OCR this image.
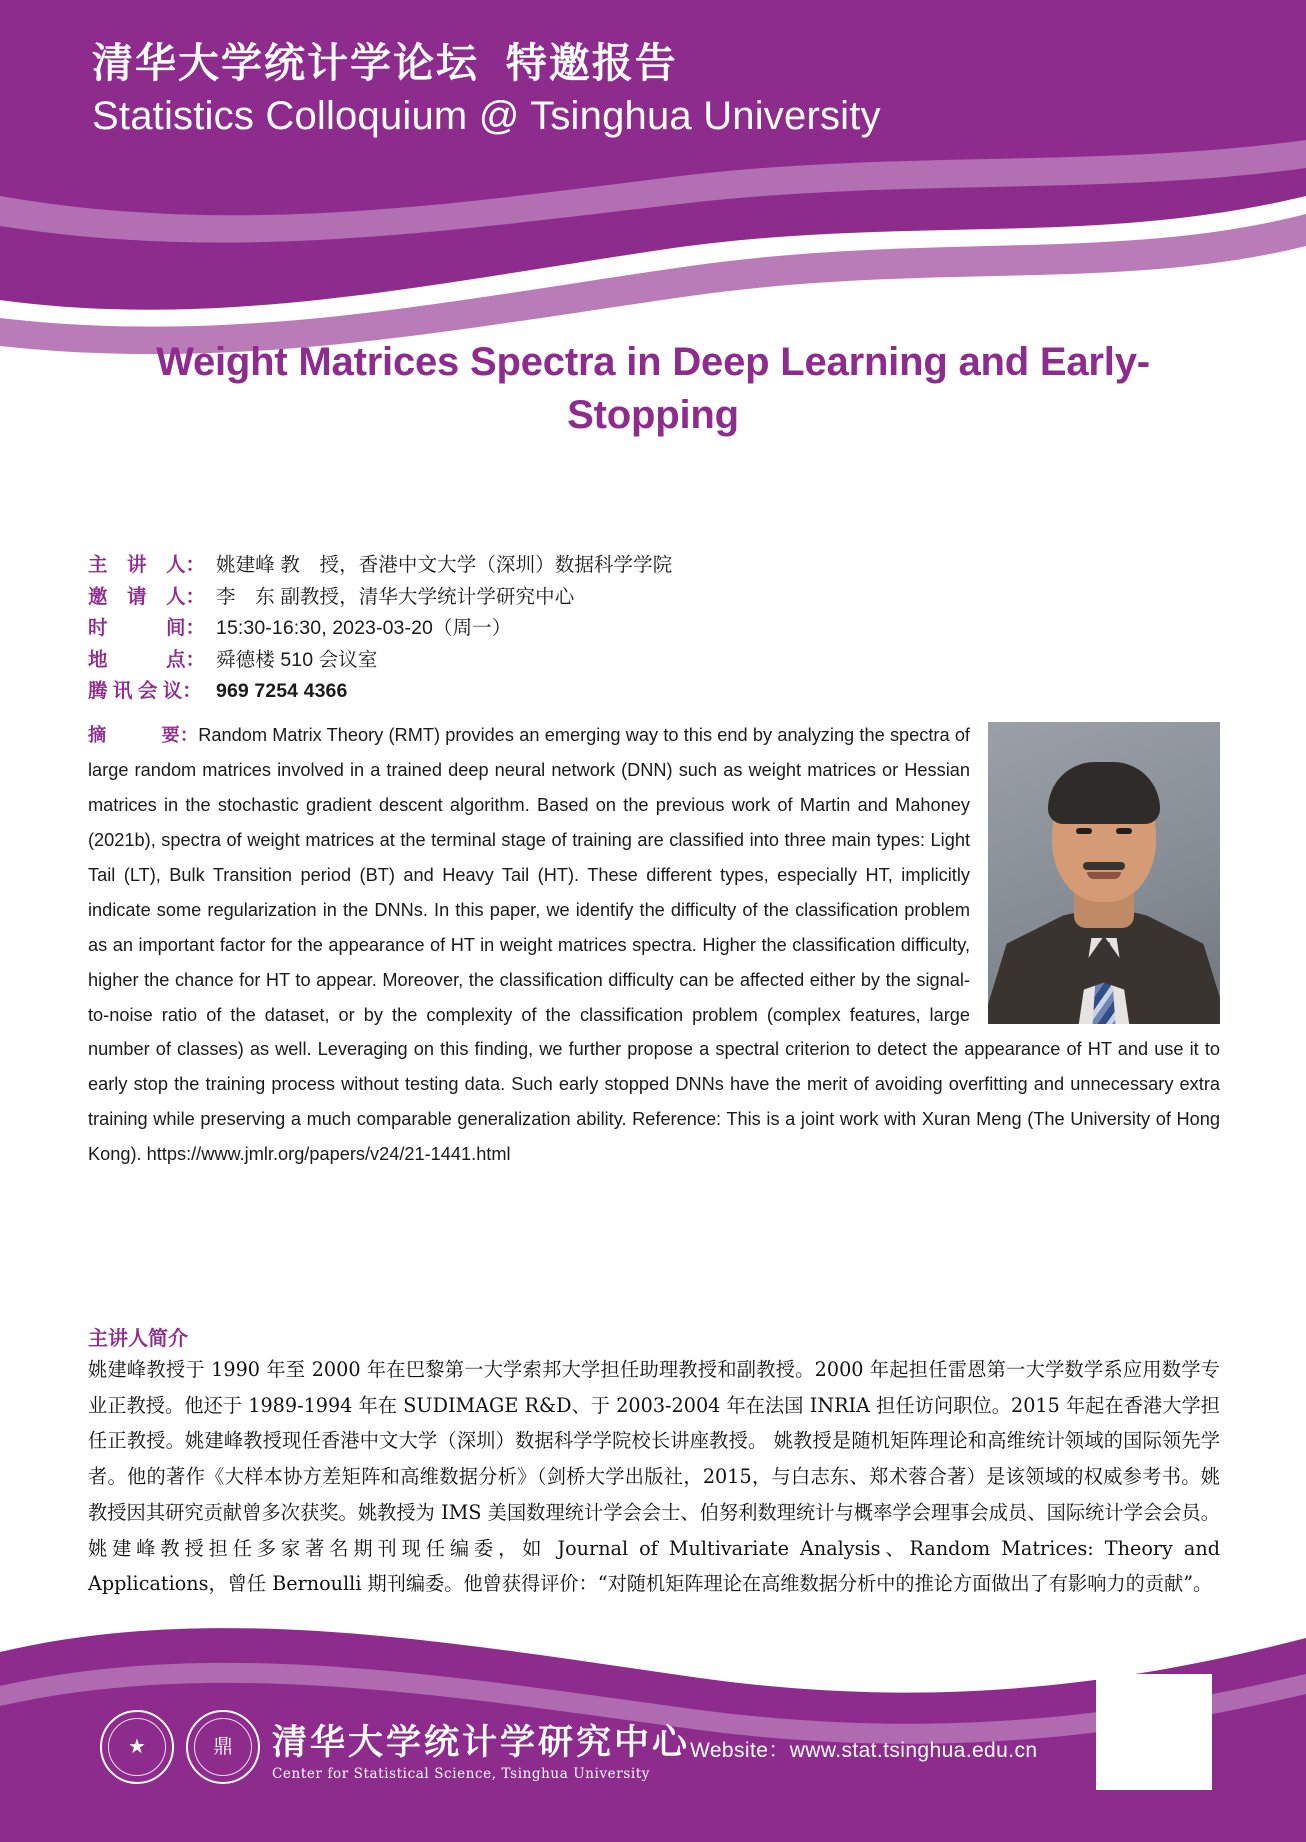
清华大学统计学论坛  特邀报告
Statistics Colloquium @ Tsinghua University
Weight Matrices Spectra in Deep Learning and Early-Stopping
主　讲　人： 姚建峰 教　授，香港中文大学（深圳）数据科学学院
邀　请　人： 李　东 副教授，清华大学统计学研究中心
时　　　间： 15:30-16:30, 2023-03-20（周一）
地　　　点： 舜德楼 510 会议室
腾 讯 会 议： 969 7254 4366
摘　　　要：Random Matrix Theory (RMT) provides an emerging way to this end by analyzing the spectra of large random matrices involved in a trained deep neural network (DNN) such as weight matrices or Hessian matrices in the stochastic gradient descent algorithm. Based on the previous work of Martin and Mahoney (2021b), spectra of weight matrices at the terminal stage of training are classified into three main types: Light Tail (LT), Bulk Transition period (BT) and Heavy Tail (HT). These different types, especially HT, implicitly indicate some regularization in the DNNs. In this paper, we identify the difficulty of the classification problem as an important factor for the appearance of HT in weight matrices spectra. Higher the classification difficulty, higher the chance for HT to appear. Moreover, the classification difficulty can be affected either by the signal- to-noise ratio of the dataset, or by the complexity of the classification problem (complex features, large number of classes) as well. Leveraging on this finding, we further propose a spectral criterion to detect the appearance of HT and use it to early stop the training process without testing data. Such early stopped DNNs have the merit of avoiding overfitting and unnecessary extra training while preserving a much comparable generalization ability. Reference: This is a joint work with Xuran Meng (The University of Hong Kong). https://www.jmlr.org/papers/v24/21-1441.html
主讲人简介
姚建峰教授于 1990 年至 2000 年在巴黎第一大学索邦大学担任助理教授和副教授。2000 年起担任雷恩第一大学数学系应用数学专业正教授。他还于 1989-1994 年在 SUDIMAGE R&D、于 2003-2004 年在法国 INRIA 担任访问职位。2015 年起在香港大学担任正教授。姚建峰教授现任香港中文大学（深圳）数据科学学院校长讲座教授。 姚教授是随机矩阵理论和高维统计领域的国际领先学者。他的著作《大样本协方差矩阵和高维数据分析》（剑桥大学出版社，2015，与白志东、郑术蓉合著）是该领域的权威参考书。姚教授因其研究贡献曾多次获奖。姚教授为 IMS 美国数理统计学会会士、伯努利数理统计与概率学会理事会成员、国际统计学会会员。姚建峰教授担任多家著名期刊现任编委，如 Journal of Multivariate Analysis、Random Matrices: Theory and Applications，曾任 Bernoulli 期刊编委。他曾获得评价：“对随机矩阵理论在高维数据分析中的推论方面做出了有影响力的贡献”。
★	鼎 清华大学统计学研究中心
Center for Statistical Science, Tsinghua University
Website：www.stat.tsinghua.edu.cn
